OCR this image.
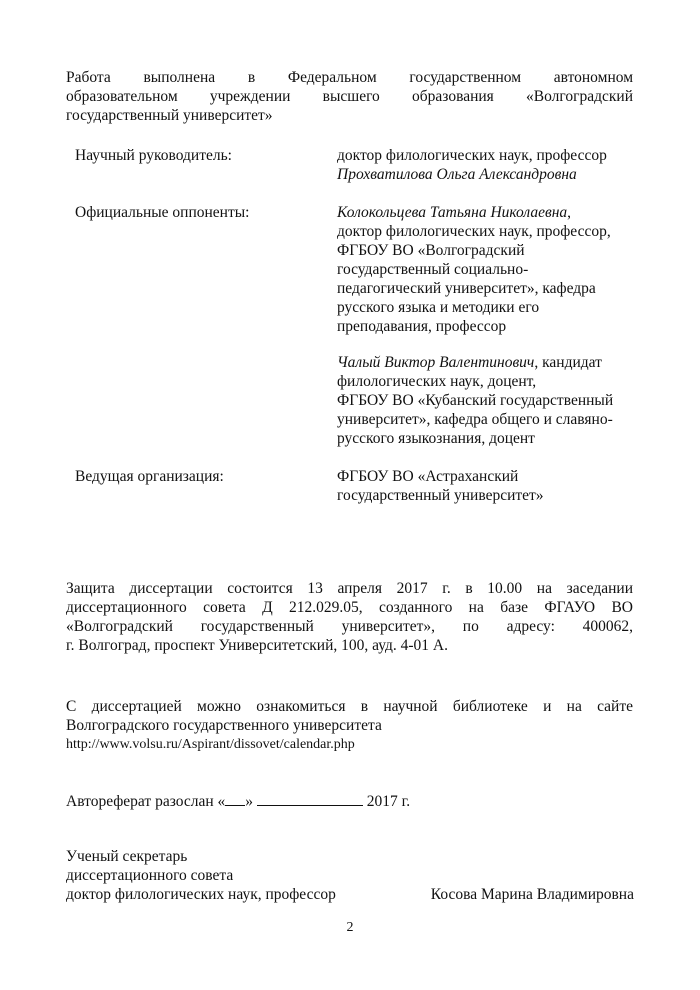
Работа выполнена в Федеральном государственном автономном
образовательном учреждении высшего образования «Волгоградский
государственный университет»
Научный руководитель:	доктор филологических наук, профессор
Прохватилова Ольга Александровна
Официальные оппоненты:	Колокольцева Татьяна Николаевна,
доктор филологических наук, профессор,
ФГБОУ ВО «Волгоградский
государственный социально-
педагогический университет», кафедра
русского языка и методики его
преподавания, профессор
Чалый Виктор Валентинович, кандидат
филологических наук, доцент,
ФГБОУ ВО «Кубанский государственный
университет», кафедра общего и славяно-
русского языкознания, доцент
Ведущая организация:	ФГБОУ ВО «Астраханский
государственный университет»
Защита диссертации состоится 13 апреля 2017 г. в 10.00 на заседании
диссертационного совета Д 212.029.05, созданного на базе ФГАУО ВО
«Волгоградский государственный университет», по адресу: 400062,
г. Волгоград, проспект Университетский, 100, ауд. 4-01 А.
С диссертацией можно ознакомиться в научной библиотеке и на сайте
Волгоградского государственного университета
http://www.volsu.ru/Aspirant/dissovet/calendar.php
Автореферат разослан « »	2017 г.
Ученый секретарь
диссертационного совета
доктор филологических наук, профессор	Косова Марина Владимировна
2
